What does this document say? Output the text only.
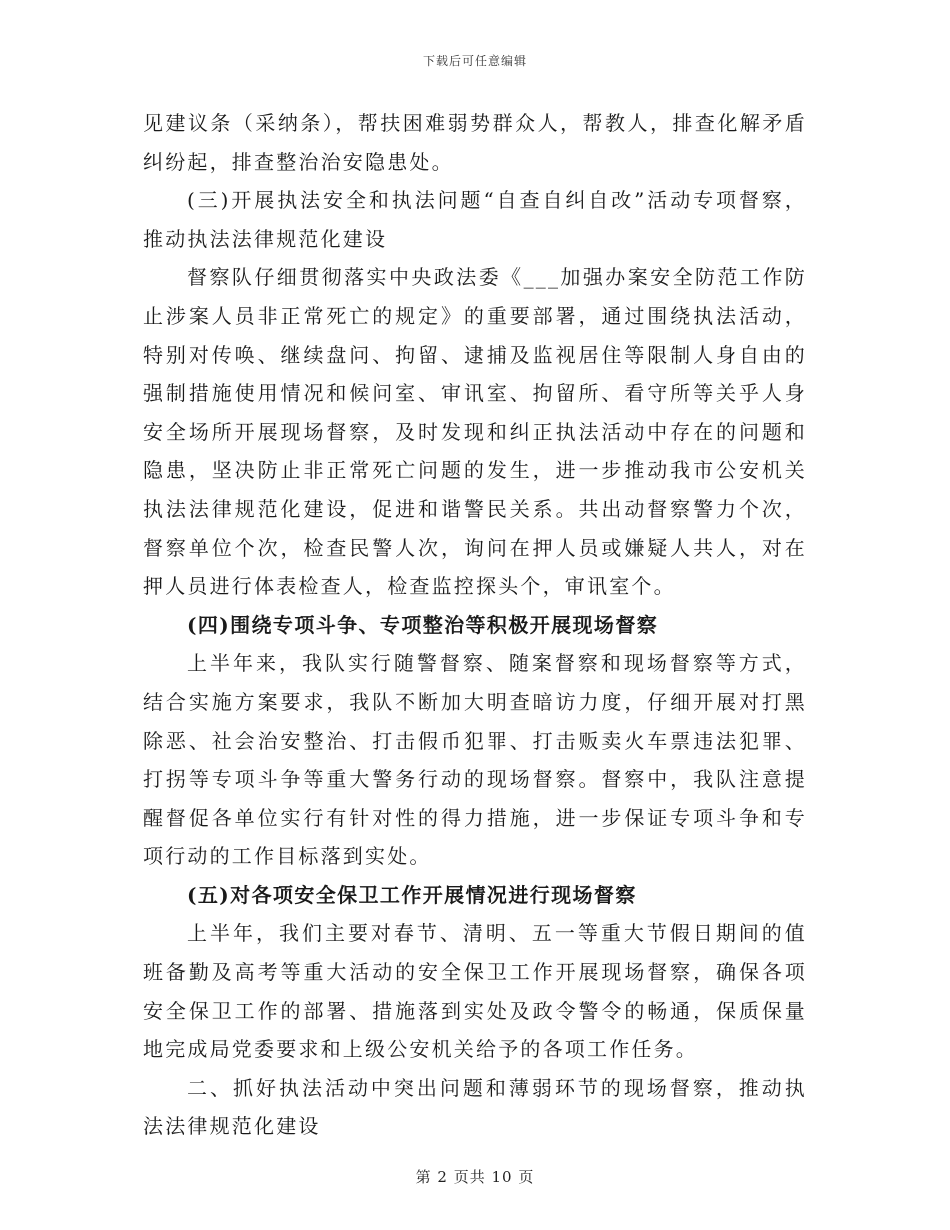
下载后可任意编辑

见建议条（采纳条），帮扶困难弱势群众人，帮教人，排查化解矛盾纠纷起，排查整治治安隐患处。

(三)开展执法安全和执法问题“自查自纠自改”活动专项督察，推动执法法律规范化建设

督察队仔细贯彻落实中央政法委《___加强办案安全防范工作防止涉案人员非正常死亡的规定》的重要部署，通过围绕执法活动，特别对传唤、继续盘问、拘留、逮捕及监视居住等限制人身自由的强制措施使用情况和候问室、审讯室、拘留所、看守所等关乎人身安全场所开展现场督察，及时发现和纠正执法活动中存在的问题和隐患，坚决防止非正常死亡问题的发生，进一步推动我市公安机关执法法律规范化建设，促进和谐警民关系。共出动督察警力个次，督察单位个次，检查民警人次，询问在押人员或嫌疑人共人，对在押人员进行体表检查人，检查监控探头个，审讯室个。

(四)围绕专项斗争、专项整治等积极开展现场督察

上半年来，我队实行随警督察、随案督察和现场督察等方式，结合实施方案要求，我队不断加大明查暗访力度，仔细开展对打黑除恶、社会治安整治、打击假币犯罪、打击贩卖火车票违法犯罪、打拐等专项斗争等重大警务行动的现场督察。督察中，我队注意提醒督促各单位实行有针对性的得力措施，进一步保证专项斗争和专项行动的工作目标落到实处。

(五)对各项安全保卫工作开展情况进行现场督察

上半年，我们主要对春节、清明、五一等重大节假日期间的值班备勤及高考等重大活动的安全保卫工作开展现场督察，确保各项安全保卫工作的部署、措施落到实处及政令警令的畅通，保质保量地完成局党委要求和上级公安机关给予的各项工作任务。

二、抓好执法活动中突出问题和薄弱环节的现场督察，推动执法法律规范化建设

第 2 页共 10 页
